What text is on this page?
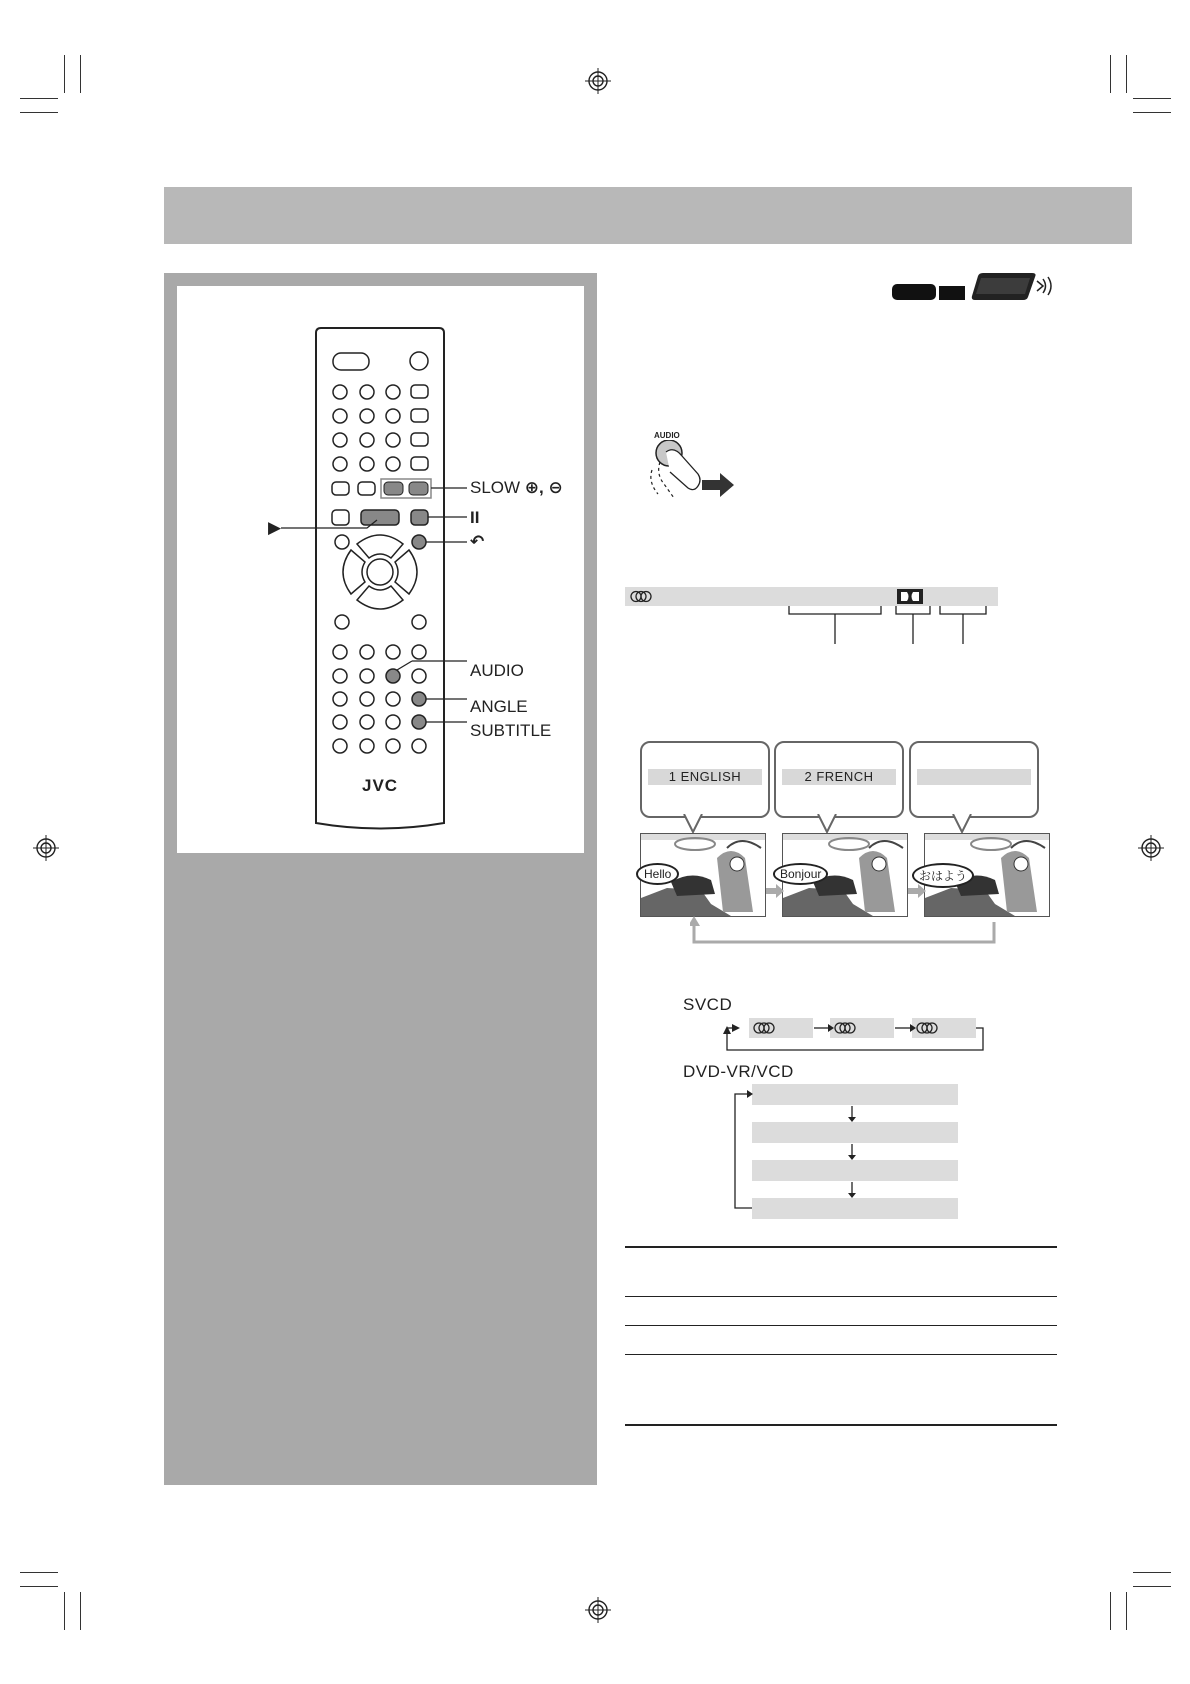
JVC
SLOW ⊕, ⊖
II
↶
▶
AUDIO
ANGLE
SUBTITLE
AUDIO
1 ENGLISH	2 FRENCH
Hello	Bonjour	おはよう
SVCD
DVD-VR/VCD
